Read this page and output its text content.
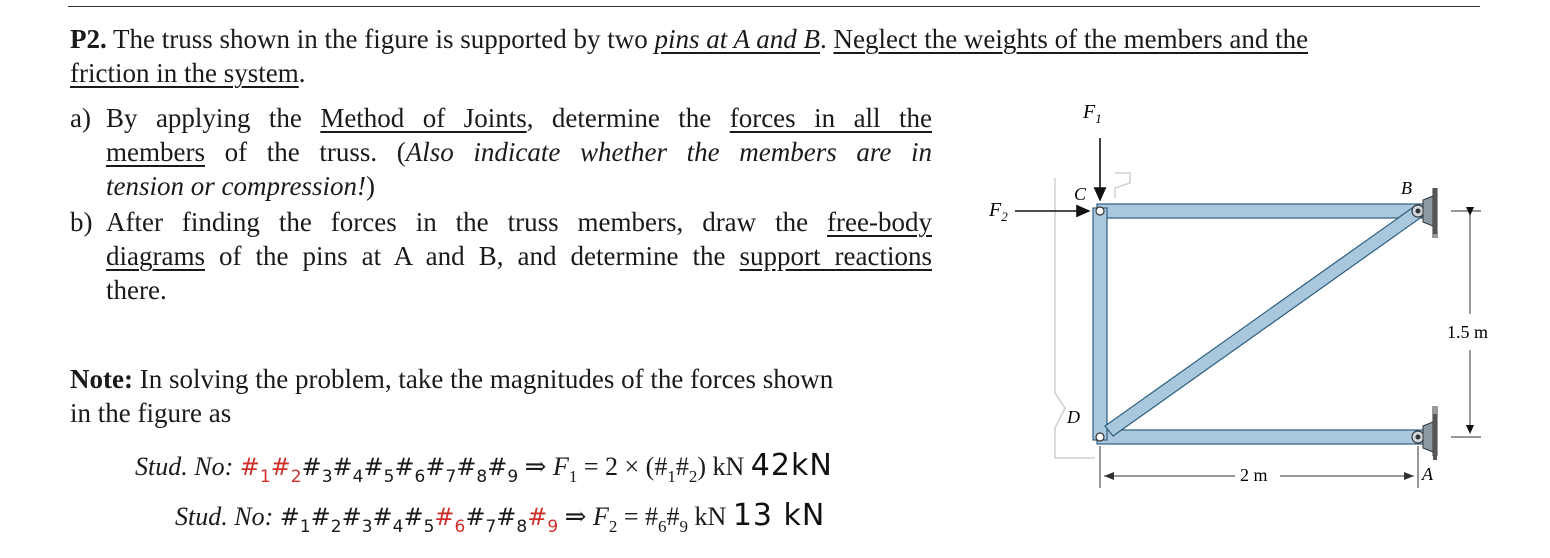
P2. The truss shown in the figure is supported by two pins at A and B. Neglect the weights of the members and the
friction in the system.
a) By applying the Method of Joints, determine the forces in all the
members of the truss. (Also indicate whether the members are in
tension or compression!)
b) After finding the forces in the truss members, draw the free-body
diagrams of the pins at A and B, and determine the support reactions
there.
Note: In solving the problem, take the magnitudes of the forces shown
in the figure as
Stud. No: $\#_1\#_2\#_3\#_4\#_5\#_6\#_7\#_8\#_9$ ⇒ $F_1 = 2$ × $(\#_1\#_2)$ kN 42kN
Stud. No: $\#_1\#_2\#_3\#_4\#_5\#_6\#_7\#_8\#_9$ ⇒ $F_2$ = $\#_6\#_9$ kN 13 kN
$F_1$
$F_2$
C	B
D
A
2 m
1.5 m
